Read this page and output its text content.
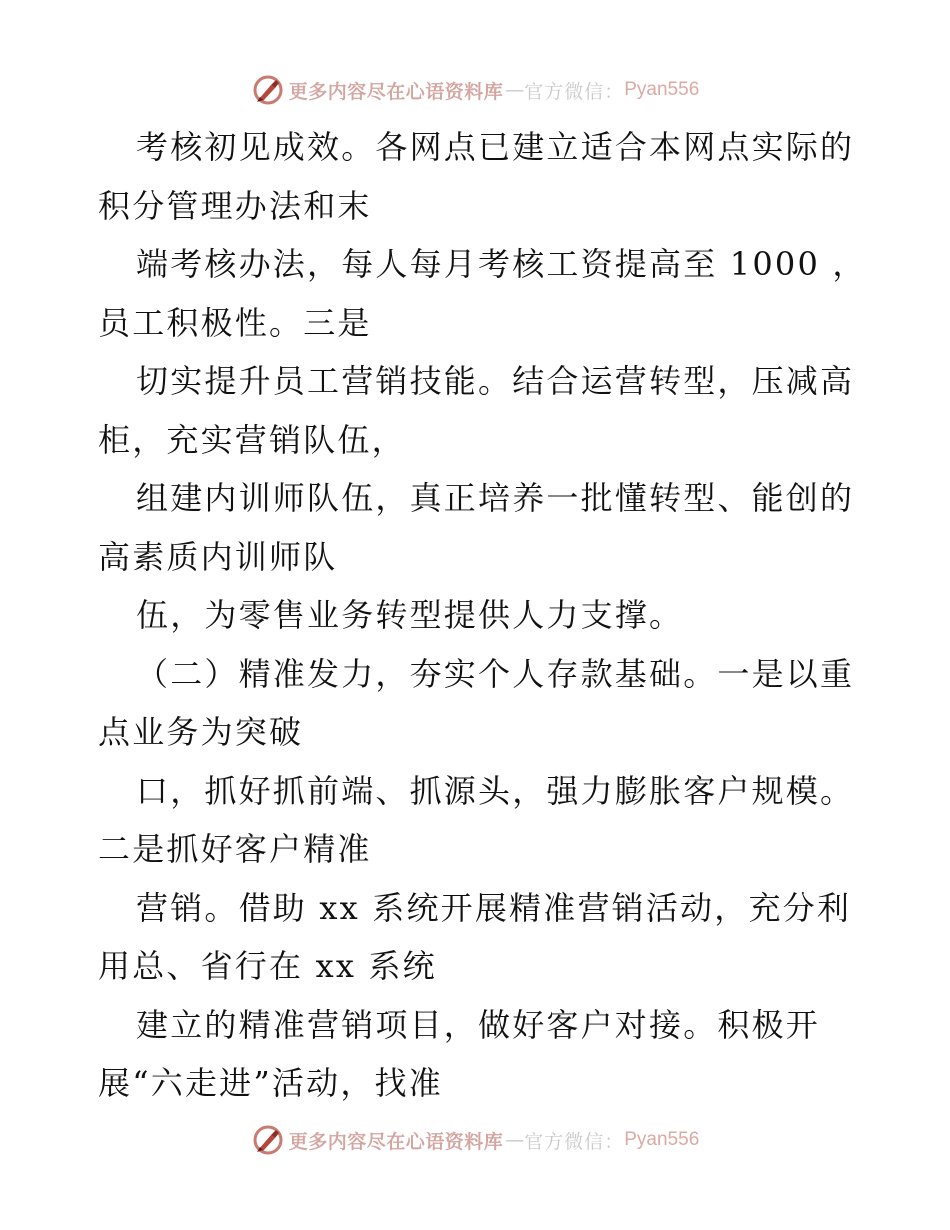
更多内容尽在心语资料库 — 官方微信： Pyan556
考核初见成效。各网点已建立适合本网点实际的
积分管理办法和末
端考核办法，每人每月考核工资提高至 1000 ，
员工积极性。三是
切实提升员工营销技能。结合运营转型，压减高
柜，充实营销队伍，
组建内训师队伍，真正培养一批懂转型、能创的
高素质内训师队
伍，为零售业务转型提供人力支撑。
（二）精准发力，夯实个人存款基础。一是以重
点业务为突破
口，抓好抓前端、抓源头，强力膨胀客户规模。
二是抓好客户精准
营销。借助 xx 系统开展精准营销活动，充分利
用总、省行在 xx 系统
建立的精准营销项目，做好客户对接。积极开
展“六走进”活动，找准
更多内容尽在心语资料库 — 官方微信： Pyan556
